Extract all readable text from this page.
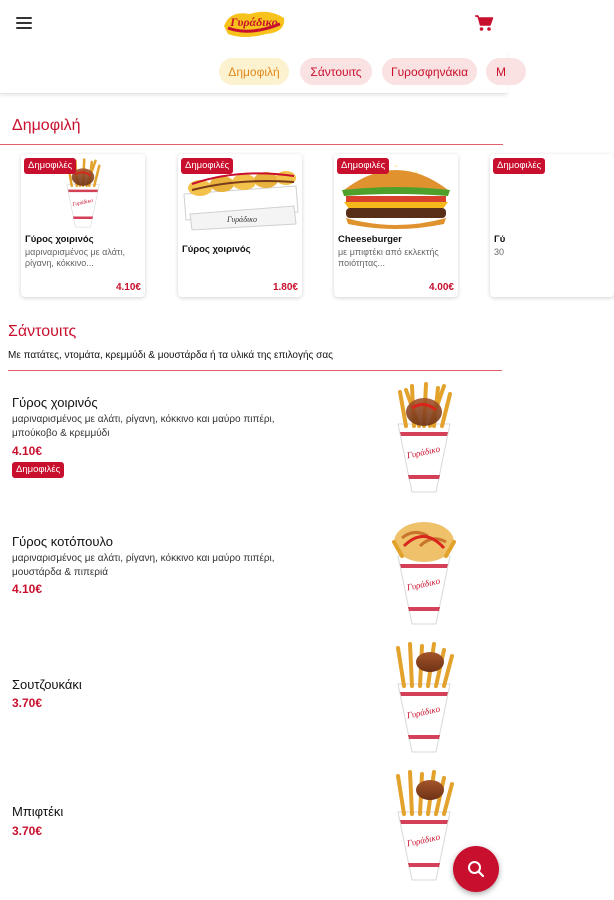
Γυράδικο
Δημοφιλή	Σάντουιτς	Γυροσφηνάκια	M
Δημοφιλή
Δημοφιλές
Γύρος χοιρινός
μαριναρισμένος με αλάτι, ρίγανη, κόκκινο...
4.10€
Γυράδικο
Δημοφιλές
Γύρος χοιρινός
1.80€
Δημοφιλές
Cheeseburger
με μπιφτέκι από εκλεκτής ποιότητας...
4.00€
Δημοφιλές
Γύ
30
Σάντουιτς
Με πατάτες, ντομάτα, κρεμμύδι & μουστάρδα ή τα υλικά της επιλογής σας
Γύρος χοιρινός
μαριναρισμένος με αλάτι, ρίγανη, κόκκινο και μαύρο πιπέρι, μπούκοβο & κρεμμύδι
4.10€
Δημοφιλές
Γύρος κοτόπουλο
μαριναρισμένος με αλάτι, ρίγανη, κόκκινο και μαύρο πιπέρι, μουστάρδα & πιπεριά
4.10€
Σουτζουκάκι
3.70€
Μπιφτέκι
3.70€
